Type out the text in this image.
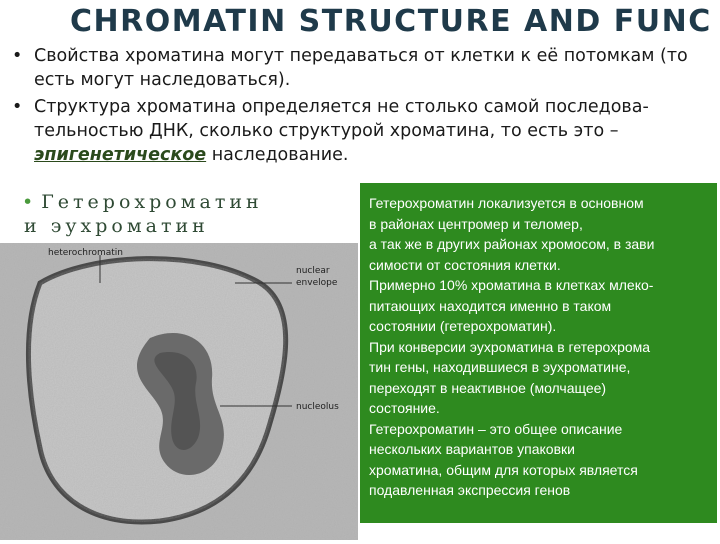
CHROMATIN STRUCTURE AND FUNC
• Свойства хроматина могут передаваться от клетки к её потомкам (то есть могут наследоваться).
• Структура хроматина определяется не столько самой последова-тельностью ДНК, сколько структурой хроматина, то есть это –
эпигенетическое наследование.
• Гетерохроматин
и эухроматин
heterochromatin
nuclear
envelope
nucleolus
Гетерохроматин локализуется в основном
в районах центромер и теломер,
а так же в других районах хромосом, в зави
симости от состояния клетки.
Примерно 10% хроматина в клетках млеко-
питающих находится именно в таком
состоянии (гетерохроматин).
При конверсии эухроматина в гетерохрома
тин гены, находившиеся в эухроматине,
переходят в неактивное (молчащее)
состояние.
Гетерохроматин – это общее описание
нескольких вариантов упаковки
хроматина, общим для которых является
подавленная экспрессия генов
